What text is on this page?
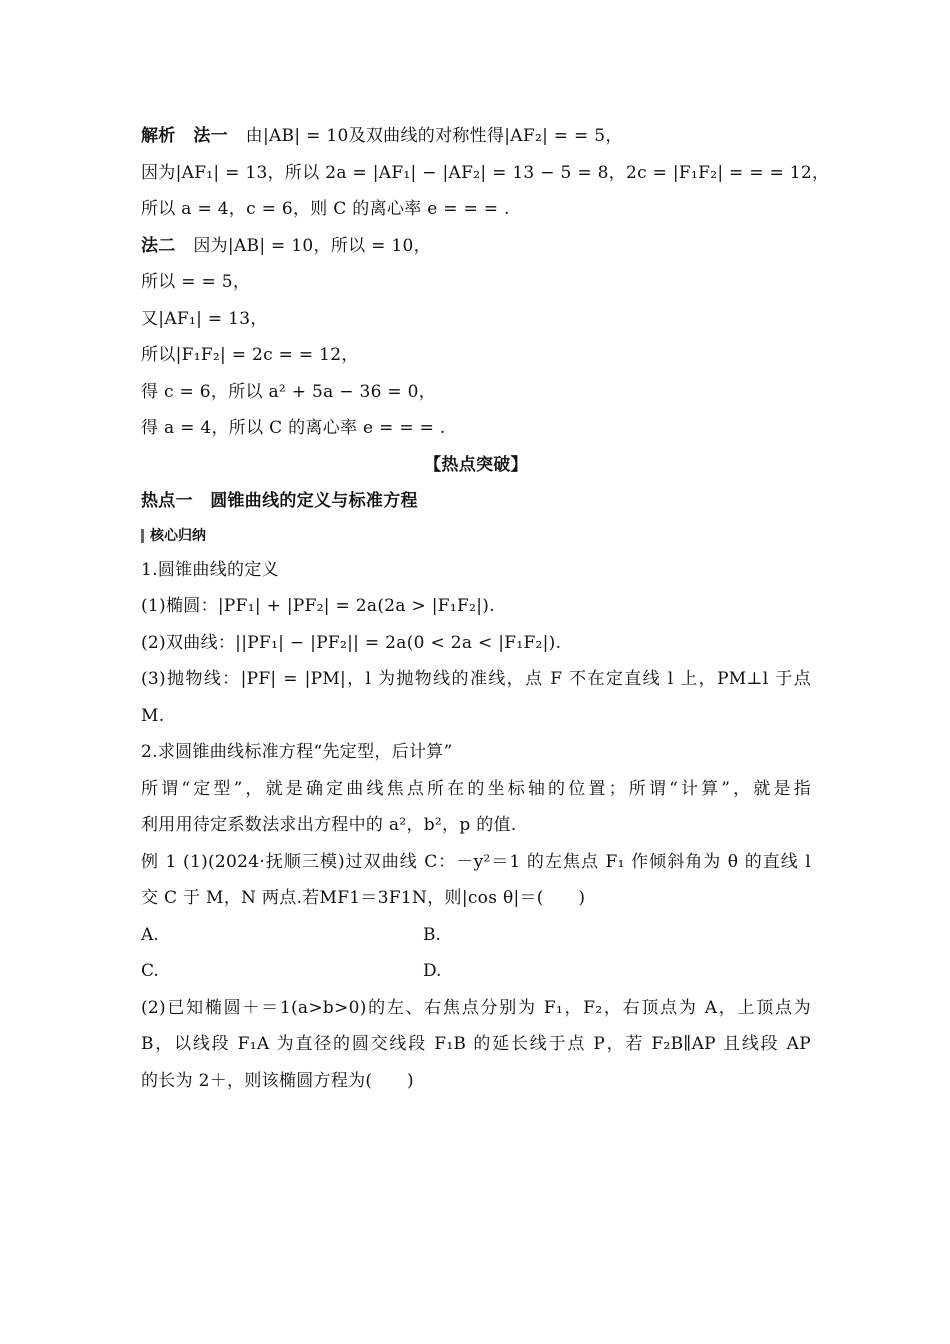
解析 法一 由|AB| = 10及双曲线的对称性得|AF₂| = = 5，
因为|AF₁| = 13，所以 2a = |AF₁| − |AF₂| = 13 − 5 = 8，2c = |F₁F₂| = = = 12，
所以 a = 4，c = 6，则 C 的离心率 e = = = .
法二 因为|AB| = 10，所以 = 10，
所以 = = 5，
又|AF₁| = 13，
所以|F₁F₂| = 2c = = 12，
得 c = 6，所以 a² + 5a − 36 = 0，
得 a = 4，所以 C 的离心率 e = = = .
【热点突破】
热点一　圆锥曲线的定义与标准方程
核心归纳
1.圆锥曲线的定义
(1)椭圆：|PF₁| + |PF₂| = 2a(2a > |F₁F₂|).
(2)双曲线：||PF₁| − |PF₂|| = 2a(0 < 2a < |F₁F₂|).
(3)抛物线：|PF| = |PM|，l 为抛物线的准线，点 F 不在定直线 l 上，PM⊥l 于点
M.
2.求圆锥曲线标准方程“先定型，后计算”
所谓“定型”，就是确定曲线焦点所在的坐标轴的位置；所谓“计算”，就是指
利用用待定系数法求出方程中的 a²，b²，p 的值.
例 1 (1)(2024·抚顺三模)过双曲线 C：－y²＝1 的左焦点 F₁ 作倾斜角为 θ 的直线 l
交 C 于 M，N 两点.若MF1＝3F1N，则|cos θ|＝(　　)
A.	B.
C.	D.
(2)已知椭圆＋＝1(a>b>0)的左、右焦点分别为 F₁，F₂，右顶点为 A，上顶点为
B，以线段 F₁A 为直径的圆交线段 F₁B 的延长线于点 P，若 F₂B∥AP 且线段 AP
的长为 2＋，则该椭圆方程为(　　)
